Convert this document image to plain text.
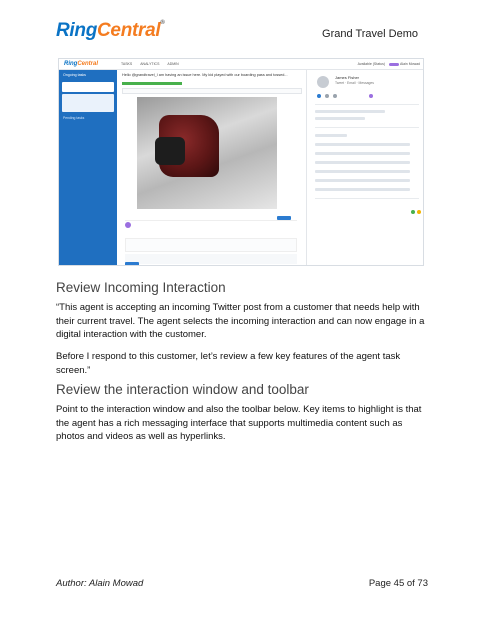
RingCentral®
Grand Travel Demo
RingCentral	TASKS ANALYTICS ADMIN	Available (Status)	Alain Mowad
Ongoing tasks
Pending tasks
Hello @grandtravel_I am having an issue here. My kid played with our boarding pass and tossed...	James Fisher
Tweet · Email · Messages
Review Incoming Interaction
“This agent is accepting an incoming Twitter post from a customer that needs help with their current travel. The agent selects the incoming interaction and can now engage in a digital interaction with the customer.
Before I respond to this customer, let’s review a few key features of the agent task screen.”
Review the interaction window and toolbar
Point to the interaction window and also the toolbar below. Key items to highlight is that the agent has a rich messaging interface that supports multimedia content such as photos and videos as well as hyperlinks.
Author: Alain Mowad	Page 45 of 73
